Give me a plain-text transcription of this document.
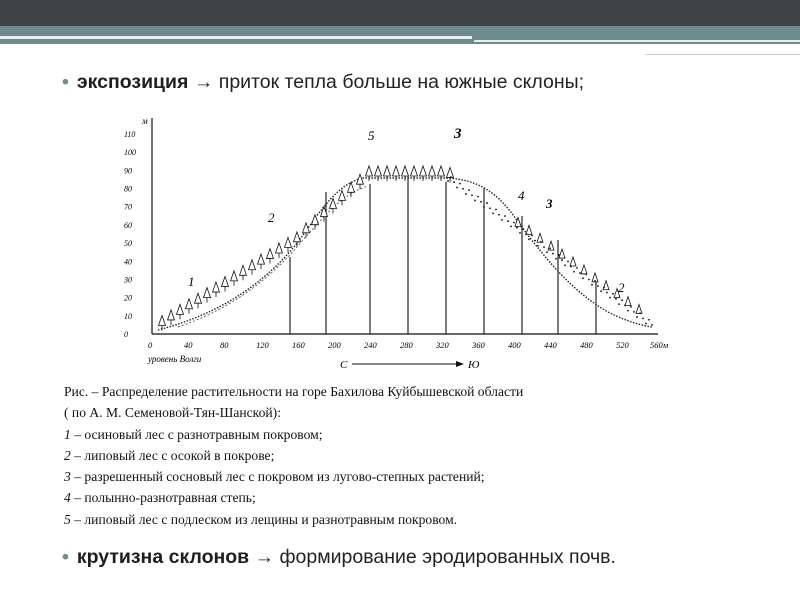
• экспозиция → приток тепла больше на южные склоны;
м
110
100
90
80
70
60
50
40
30
20
10
0
0	40	80	120	160	200	240	280	320	360	400	440	480	520	560м
1
2
5	3
4
3
2
уровень Волги	С	Ю
Рис. – Распределение растительности на горе Бахилова Куйбышевской области
( по А. М. Семеновой-Тян-Шанской):
1 – осиновый лес с разнотравным покровом;
2 – липовый лес с осокой в покрове;
3 – разрешенный сосновый лес с покровом из лугово-степных растений;
4 – полынно-разнотравная степь;
5 – липовый лес с подлеском из лещины и разнотравным покровом.
• крутизна склонов → формирование эродированных почв.
